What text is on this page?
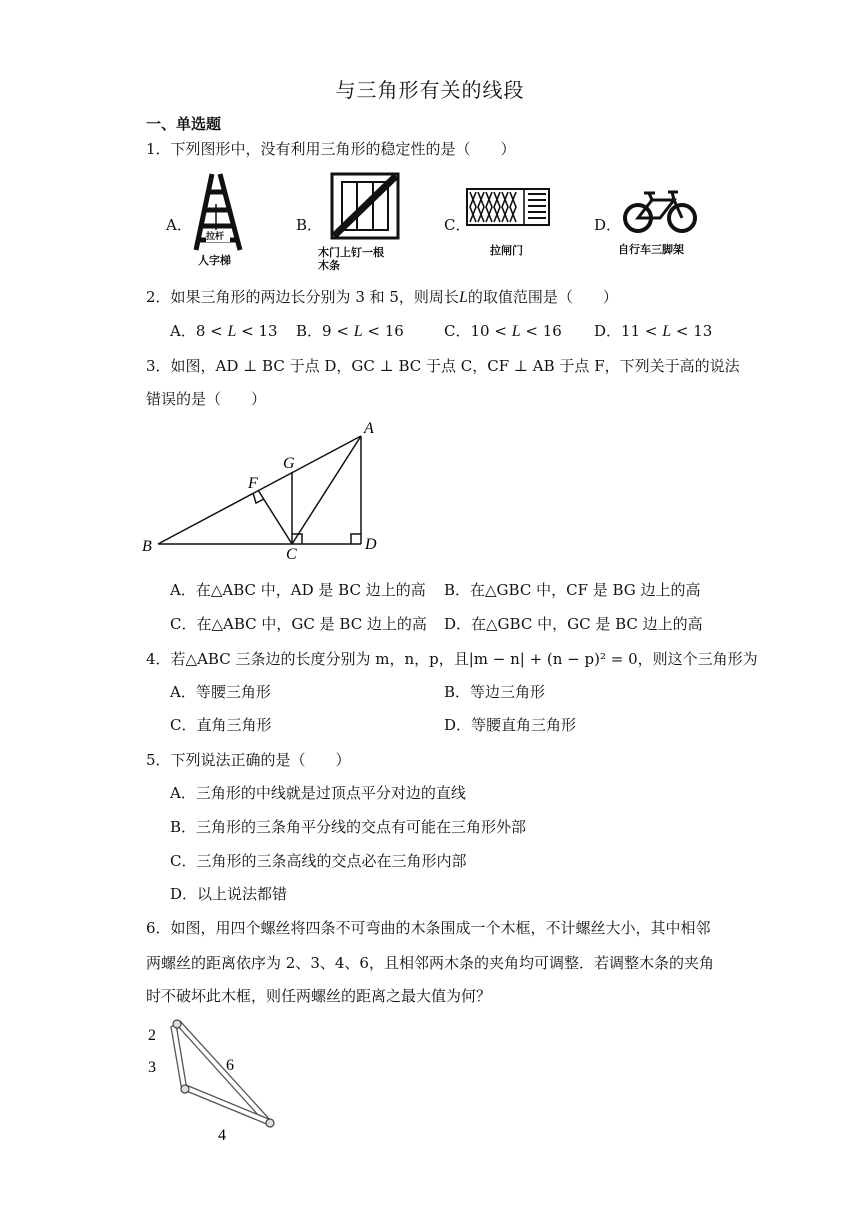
与三角形有关的线段
一、单选题
1．下列图形中，没有利用三角形的稳定性的是（　　）
A．
拉杆
人字梯
B．
木门上钉一根
木条
C．
拉闸门
D．
自行车三脚架
2．如果三角形的两边长分别为 3 和 5，则周长L的取值范围是（　　）
A．8 < L < 13 B．9 < L < 16	C．10 < L < 16 D．11 < L < 13
3．如图，AD ⊥ BC 于点 D，GC ⊥ BC 于点 C，CF ⊥ AB 于点 F，下列关于高的说法
错误的是（　　）
A
B	C
D
F
G
A．在△ABC 中，AD 是 BC 边上的高 B．在△GBC 中，CF 是 BG 边上的高
C．在△ABC 中，GC 是 BC 边上的高 D．在△GBC 中，GC 是 BC 边上的高
4．若△ABC 三条边的长度分别为 m，n，p，且|m − n| + (n − p)² = 0，则这个三角形为
A．等腰三角形	B．等边三角形
C．直角三角形	D．等腰直角三角形
5．下列说法正确的是（　　）
A．三角形的中线就是过顶点平分对边的直线
B．三角形的三条角平分线的交点有可能在三角形外部
C．三角形的三条高线的交点必在三角形内部
D．以上说法都错
6．如图，用四个螺丝将四条不可弯曲的木条围成一个木框，不计螺丝大小，其中相邻
两螺丝的距离依序为 2、3、4、6，且相邻两木条的夹角均可调整．若调整木条的夹角
时不破坏此木框，则任两螺丝的距离之最大值为何？
2
3
4
6
